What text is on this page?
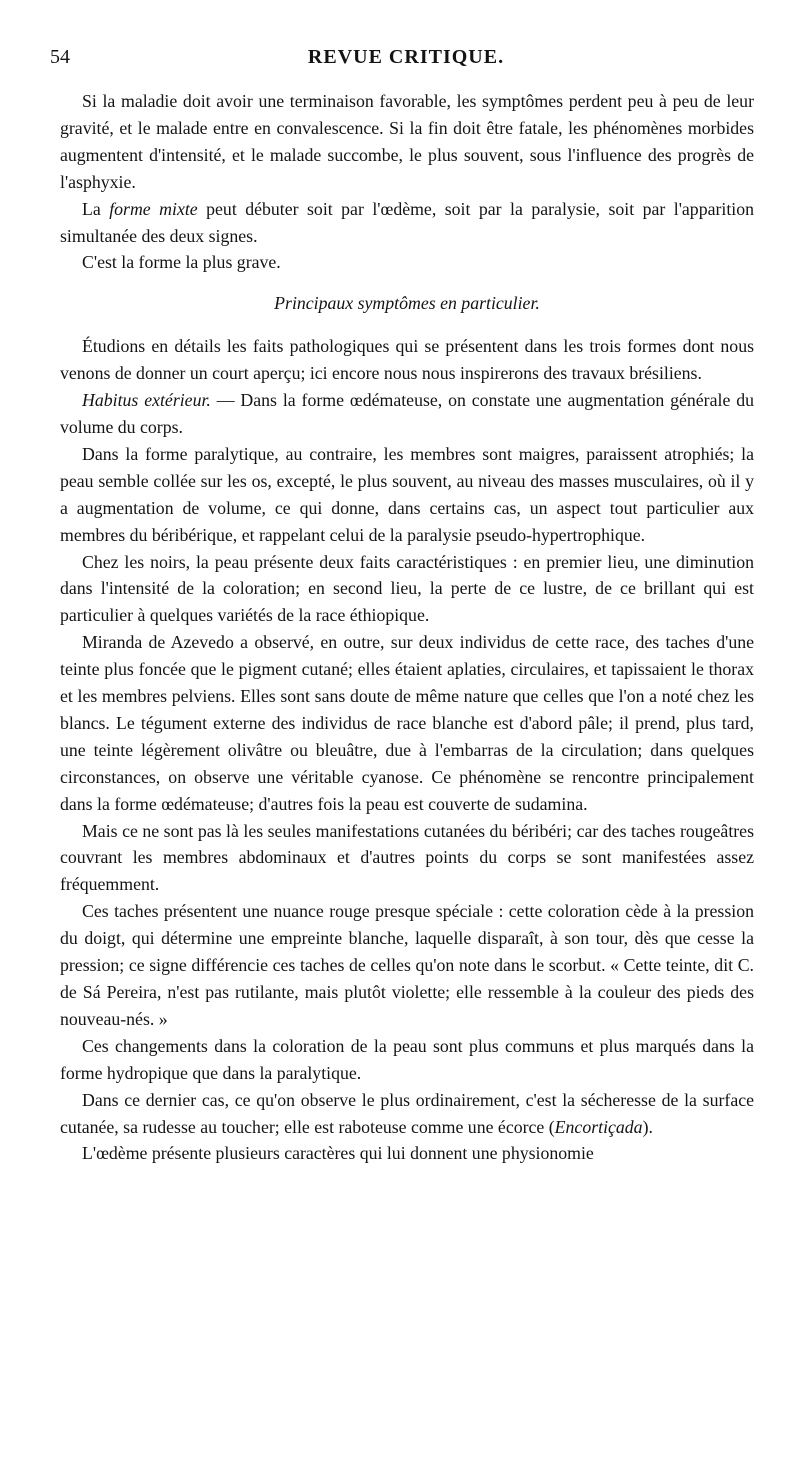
54	REVUE CRITIQUE.

Si la maladie doit avoir une terminaison favorable, les symptômes perdent peu à peu de leur gravité, et le malade entre en convalescence. Si la fin doit être fatale, les phénomènes morbides augmentent d'intensité, et le malade succombe, le plus souvent, sous l'influence des progrès de l'asphyxie.

La forme mixte peut débuter soit par l'œdème, soit par la paralysie, soit par l'apparition simultanée des deux signes.

C'est la forme la plus grave.

Principaux symptômes en particulier.

Étudions en détails les faits pathologiques qui se présentent dans les trois formes dont nous venons de donner un court aperçu; ici encore nous nous inspirerons des travaux brésiliens.

Habitus extérieur. — Dans la forme œdémateuse, on constate une augmentation générale du volume du corps.

Dans la forme paralytique, au contraire, les membres sont maigres, paraissent atrophiés; la peau semble collée sur les os, excepté, le plus souvent, au niveau des masses musculaires, où il y a augmentation de volume, ce qui donne, dans certains cas, un aspect tout particulier aux membres du béribérique, et rappelant celui de la paralysie pseudo-hypertrophique.

Chez les noirs, la peau présente deux faits caractéristiques : en premier lieu, une diminution dans l'intensité de la coloration; en second lieu, la perte de ce lustre, de ce brillant qui est particulier à quelques variétés de la race éthiopique.

Miranda de Azevedo a observé, en outre, sur deux individus de cette race, des taches d'une teinte plus foncée que le pigment cutané; elles étaient aplaties, circulaires, et tapissaient le thorax et les membres pelviens. Elles sont sans doute de même nature que celles que l'on a noté chez les blancs. Le tégument externe des individus de race blanche est d'abord pâle; il prend, plus tard, une teinte légèrement olivâtre ou bleuâtre, due à l'embarras de la circulation; dans quelques circonstances, on observe une véritable cyanose. Ce phénomène se rencontre principalement dans la forme œdémateuse; d'autres fois la peau est couverte de sudamina.

Mais ce ne sont pas là les seules manifestations cutanées du béribéri; car des taches rougeâtres couvrant les membres abdominaux et d'autres points du corps se sont manifestées assez fréquemment.

Ces taches présentent une nuance rouge presque spéciale : cette coloration cède à la pression du doigt, qui détermine une empreinte blanche, laquelle disparaît, à son tour, dès que cesse la pression; ce signe différencie ces taches de celles qu'on note dans le scorbut. « Cette teinte, dit C. de Sá Pereira, n'est pas rutilante, mais plutôt violette; elle ressemble à la couleur des pieds des nouveau-nés. »

Ces changements dans la coloration de la peau sont plus communs et plus marqués dans la forme hydropique que dans la paralytique.

Dans ce dernier cas, ce qu'on observe le plus ordinairement, c'est la sécheresse de la surface cutanée, sa rudesse au toucher; elle est raboteuse comme une écorce (Encortiçada).

L'œdème présente plusieurs caractères qui lui donnent une physionomie
